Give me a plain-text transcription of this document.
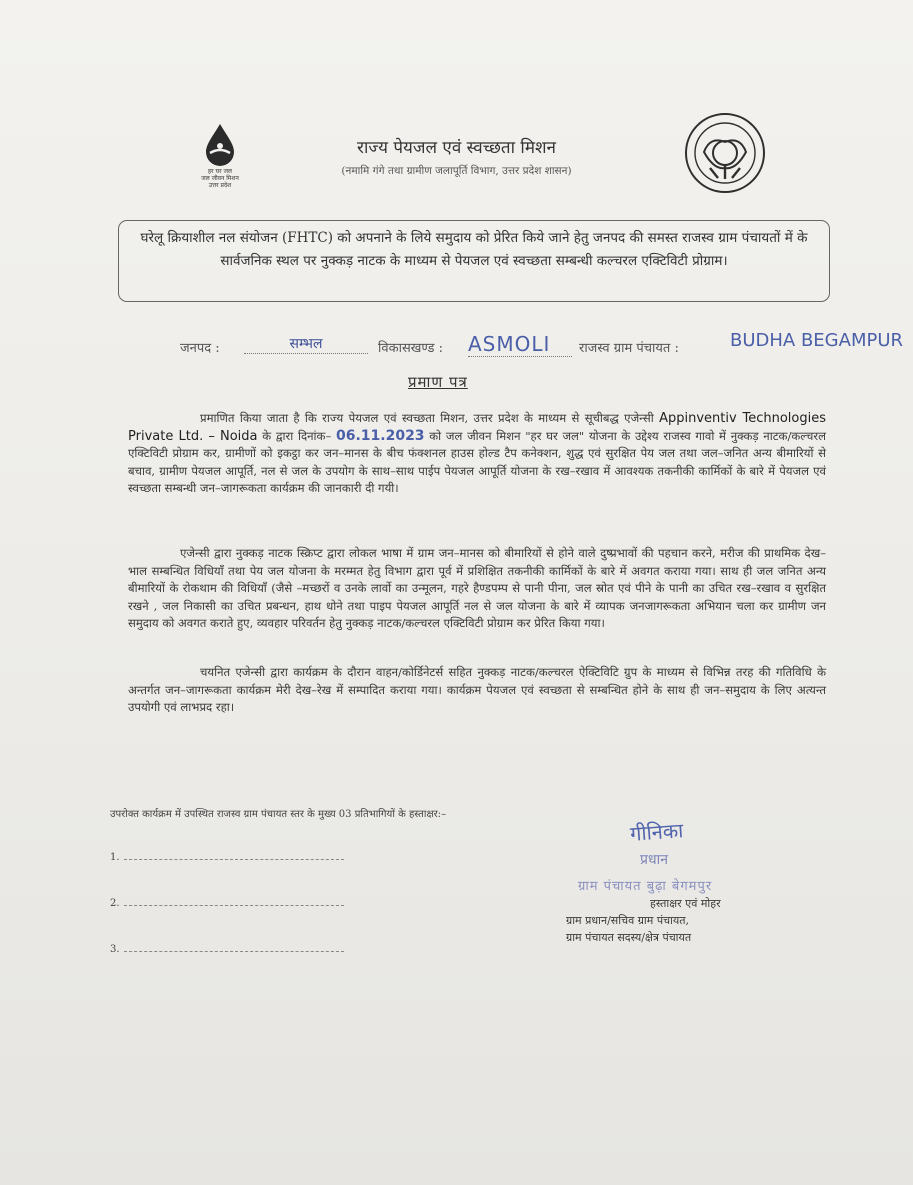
हर घर जल
जल जीवन मिशन
उत्तर प्रदेश
राज्य पेयजल एवं स्वच्छता मिशन
(नमामि गंगे तथा ग्रामीण जलापूर्ति विभाग, उत्तर प्रदेश शासन)
घरेलू क्रियाशील नल संयोजन (FHTC) को अपनाने के लिये समुदाय को प्रेरित किये जाने हेतु जनपद की समस्त राजस्व ग्राम पंचायतों में के सार्वजनिक स्थल पर नुक्कड़ नाटक के माध्यम से पेयजल एवं स्वच्छता सम्बन्धी कल्चरल एक्टिविटी प्रोग्राम।
जनपद :	सम्भल	विकासखण्ड : ASMOLI	राजस्व ग्राम पंचायत :	BUDHA BEGAMPUR
प्रमाण पत्र
प्रमाणित किया जाता है कि राज्य पेयजल एवं स्वच्छता मिशन, उत्तर प्रदेश के माध्यम से सूचीबद्ध एजेन्सी Appinventiv Technologies Private Ltd. – Noida के द्वारा दिनांक– 06.11.2023 को जल जीवन मिशन "हर घर जल" योजना के उद्देश्य राजस्व गावो में नुक्कड़ नाटक/कल्चरल एक्टिविटी प्रोग्राम कर, ग्रामीणों को इकट्ठा कर जन–मानस के बीच फंक्शनल हाउस होल्ड टैप कनेक्शन, शुद्ध एवं सुरक्षित पेय जल तथा जल–जनित अन्य बीमारियों से बचाव, ग्रामीण पेयजल आपूर्ति, नल से जल के उपयोग के साथ–साथ पाईप पेयजल आपूर्ति योजना के रख–रखाव में आवश्यक तकनीकी कार्मिकों के बारे में पेयजल एवं स्वच्छता सम्बन्धी जन–जागरूकता कार्यक्रम की जानकारी दी गयी।
एजेन्सी द्वारा नुक्कड़ नाटक स्क्रिप्ट द्वारा लोकल भाषा में ग्राम जन–मानस को बीमारियों से होने वाले दुष्प्रभावों की पहचान करने, मरीज की प्राथमिक देख–भाल सम्बन्धित विधियाँ तथा पेय जल योजना के मरम्मत हेतु विभाग द्वारा पूर्व में प्रशिक्षित तकनीकी कार्मिकों के बारे में अवगत कराया गया। साथ ही जल जनित अन्य बीमारियों के रोकथाम की विधियाँ (जैसे –मच्छरों व उनके लार्वो का उन्मूलन, गहरे हैण्डपम्प से पानी पीना, जल स्रोत एवं पीने के पानी का उचित रख–रखाव व सुरक्षित रखने , जल निकासी का उचित प्रबन्धन, हाथ धोने तथा पाइप पेयजल आपूर्ति नल से जल योजना के बारे में व्यापक जनजागरूकता अभियान चला कर ग्रामीण जन समुदाय को अवगत कराते हुए, व्यवहार परिवर्तन हेतु नुक्कड़ नाटक/कल्चरल एक्टिविटी प्रोग्राम कर प्रेरित किया गया।
चयनित एजेन्सी द्वारा कार्यक्रम के दौरान वाहन/कोर्डिनेटर्स सहित नुक्कड़ नाटक/कल्चरल ऐक्टिविटि ग्रुप के माध्यम से विभिन्न तरह की गतिविधि के अन्तर्गत जन–जागरूकता कार्यक्रम मेरी देख–रेख में सम्पादित कराया गया। कार्यक्रम पेयजल एवं स्वच्छता से सम्बन्धित होने के साथ ही जन–समुदाय के लिए अत्यन्त उपयोगी एवं लाभप्रद रहा।
उपरोक्त कार्यक्रम में उपस्थित राजस्व ग्राम पंचायत स्तर के मुख्य 03 प्रतिभागियों के हस्ताक्षर:–
1.
2.
3.
गीनिका
प्रधान
ग्राम पंचायत बुढ़ा बेगमपुर
हस्ताक्षर एवं मोहर
ग्राम प्रधान/सचिव ग्राम पंचायत,
ग्राम पंचायत सदस्य/क्षेत्र पंचायत
